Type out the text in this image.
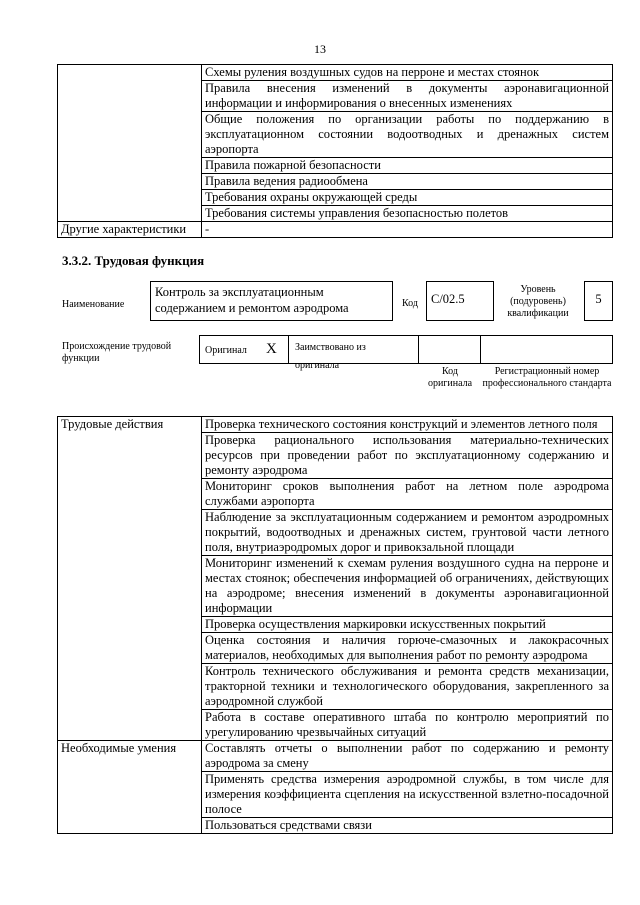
13
	Схемы руления воздушных судов на перроне и местах стоянок
	Правила внесения изменений в документы аэронавигационной информации и информирования о внесенных изменениях
	Общие положения по организации работы по поддержанию в эксплуатационном состоянии водоотводных и дренажных систем аэропорта
	Правила пожарной безопасности
	Правила ведения радиообмена
	Требования охраны окружающей среды
	Требования системы управления безопасностью полетов
Другие характеристики	-
3.3.2. Трудовая функция
Наименование
Контроль за эксплуатационным содержанием и ремонтом аэродрома	Код	C/02.5
Уровень (подуровень) квалификации
5
Происхождение трудовой функции
Оригинал X	Заимствовано из оригинала
Код оригинала
Регистрационный номер профессионального стандарта
Трудовые действия	Проверка технического состояния конструкций и элементов летного поля
	Проверка рационального использования материально-технических ресурсов при проведении работ по эксплуатационному содержанию и ремонту аэродрома
	Мониторинг сроков выполнения работ на летном поле аэродрома службами аэропорта
	Наблюдение за эксплуатационным содержанием и ремонтом аэродромных покрытий, водоотводных и дренажных систем, грунтовой части летного поля, внутриаэродромых дорог и привокзальной площади
	Мониторинг изменений к схемам руления воздушного судна на перроне и местах стоянок; обеспечения информацией об ограничениях, действующих на аэродроме; внесения изменений в документы аэронавигационной информации
	Проверка осуществления маркировки искусственных покрытий
	Оценка состояния и наличия горюче-смазочных и лакокрасочных материалов, необходимых для выполнения работ по ремонту аэродрома
	Контроль технического обслуживания и ремонта средств механизации, тракторной техники и технологического оборудования, закрепленного за аэродромной службой
	Работа в составе оперативного штаба по контролю мероприятий по урегулированию чрезвычайных ситуаций
Необходимые умения	Составлять отчеты о выполнении работ по содержанию и ремонту аэродрома за смену
	Применять средства измерения аэродромной службы, в том числе для измерения коэффициента сцепления на искусственной взлетно-посадочной полосе
	Пользоваться средствами связи
